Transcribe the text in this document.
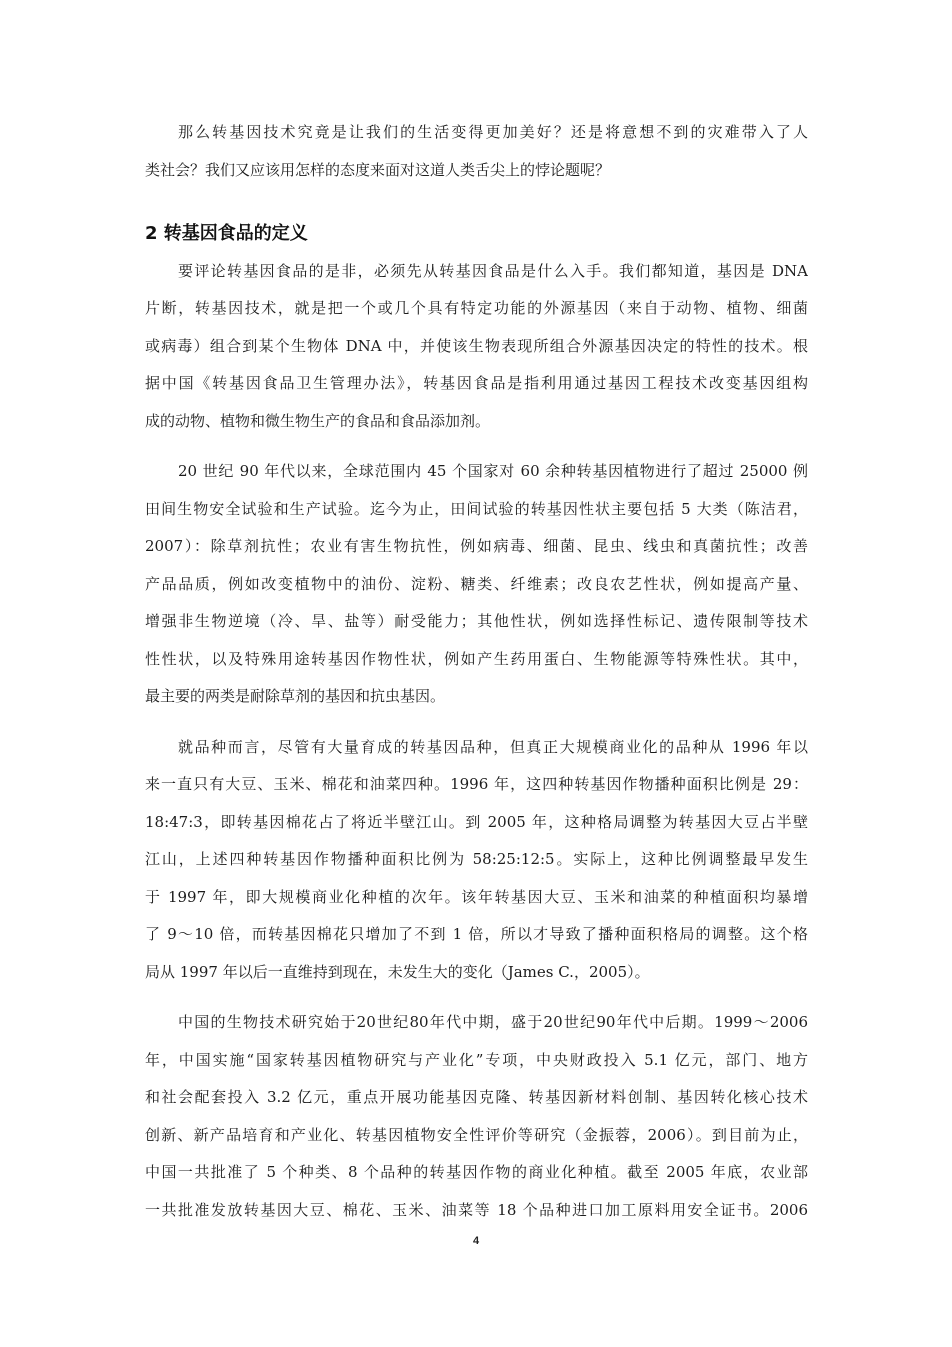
那么转基因技术究竟是让我们的生活变得更加美好？还是将意想不到的灾难带入了人
类社会？我们又应该用怎样的态度来面对这道人类舌尖上的悖论题呢？
2 转基因食品的定义
要评论转基因食品的是非，必须先从转基因食品是什么入手。我们都知道，基因是 DNA
片断，转基因技术，就是把一个或几个具有特定功能的外源基因（来自于动物、植物、细菌
或病毒）组合到某个生物体 DNA 中，并使该生物表现所组合外源基因决定的特性的技术。根
据中国《转基因食品卫生管理办法》，转基因食品是指利用通过基因工程技术改变基因组构
成的动物、植物和微生物生产的食品和食品添加剂。
20 世纪 90 年代以来，全球范围内 45 个国家对 60 余种转基因植物进行了超过 25000 例
田间生物安全试验和生产试验。迄今为止，田间试验的转基因性状主要包括 5 大类（陈洁君，
2007）：除草剂抗性；农业有害生物抗性，例如病毒、细菌、昆虫、线虫和真菌抗性；改善
产品品质，例如改变植物中的油份、淀粉、糖类、纤维素；改良农艺性状，例如提高产量、
增强非生物逆境（冷、旱、盐等）耐受能力；其他性状，例如选择性标记、遗传限制等技术
性性状，以及特殊用途转基因作物性状，例如产生药用蛋白、生物能源等特殊性状。其中，
最主要的两类是耐除草剂的基因和抗虫基因。
就品种而言，尽管有大量育成的转基因品种，但真正大规模商业化的品种从 1996 年以
来一直只有大豆、玉米、棉花和油菜四种。1996 年，这四种转基因作物播种面积比例是 29：
18:47:3，即转基因棉花占了将近半壁江山。到 2005 年，这种格局调整为转基因大豆占半壁
江山，上述四种转基因作物播种面积比例为 58:25:12:5。实际上，这种比例调整最早发生
于 1997 年，即大规模商业化种植的次年。该年转基因大豆、玉米和油菜的种植面积均暴增
了 9～10 倍，而转基因棉花只增加了不到 1 倍，所以才导致了播种面积格局的调整。这个格
局从 1997 年以后一直维持到现在，未发生大的变化（James C.，2005）。
中国的生物技术研究始于20世纪80年代中期，盛于20世纪90年代中后期。1999～2006
年，中国实施“国家转基因植物研究与产业化”专项，中央财政投入 5.1 亿元，部门、地方
和社会配套投入 3.2 亿元，重点开展功能基因克隆、转基因新材料创制、基因转化核心技术
创新、新产品培育和产业化、转基因植物安全性评价等研究（金振蓉，2006）。到目前为止，
中国一共批准了 5 个种类、8 个品种的转基因作物的商业化种植。截至 2005 年底，农业部
一共批准发放转基因大豆、棉花、玉米、油菜等 18 个品种进口加工原料用安全证书。2006
4
